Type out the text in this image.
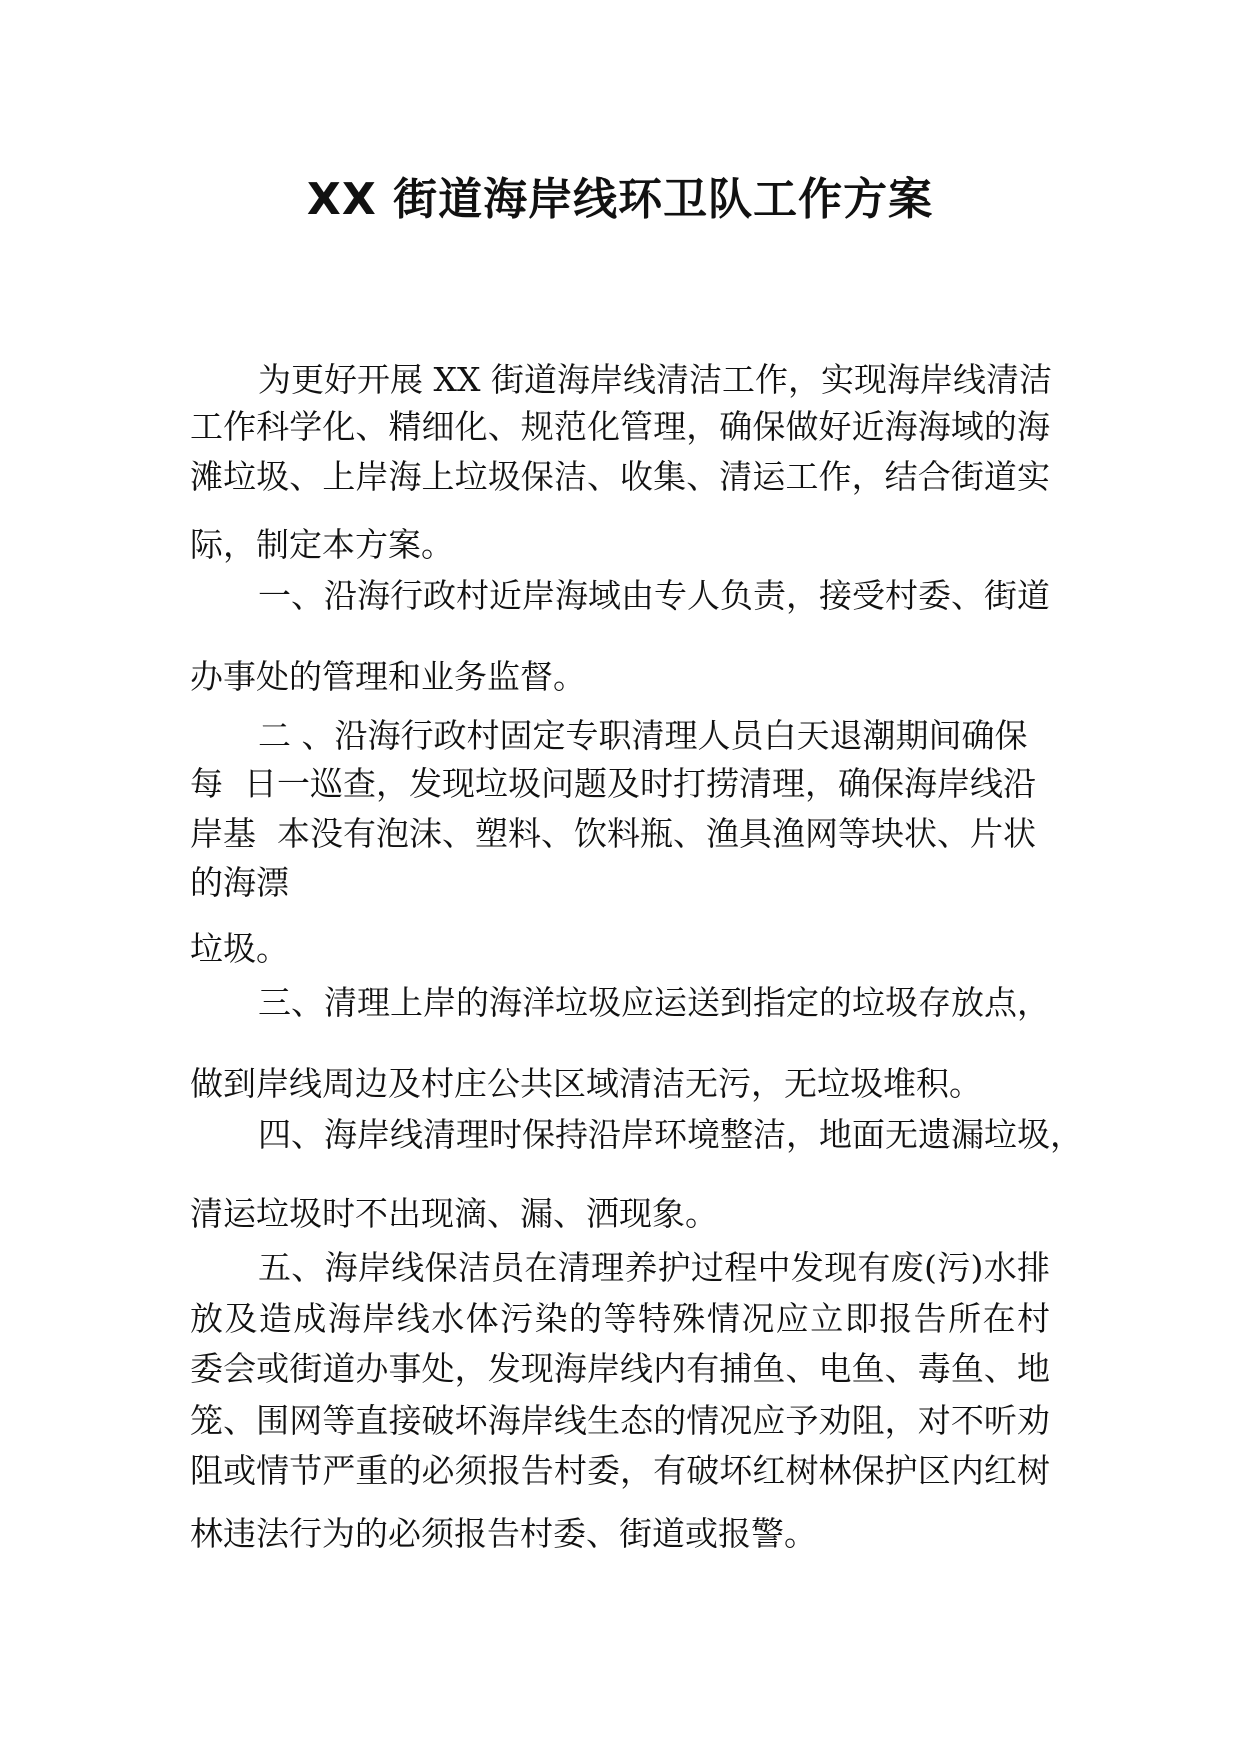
XX 街道海岸线环卫队工作方案
为更好开展 XX 街道海岸线清洁工作，实现海岸线清洁
工作科学化、精细化、规范化管理，确保做好近海海域的海
滩垃圾、上岸海上垃圾保洁、收集、清运工作，结合街道实
际，制定本方案。
一、沿海行政村近岸海域由专人负责，接受村委、街道
办事处的管理和业务监督。
二 、沿海行政村固定专职清理人员白天退潮期间确保
每  日一巡查，发现垃圾问题及时打捞清理，确保海岸线沿
岸基  本没有泡沫、塑料、饮料瓶、渔具渔网等块状、片状
的海漂
垃圾。
三、清理上岸的海洋垃圾应运送到指定的垃圾存放点，
做到岸线周边及村庄公共区域清洁无污，无垃圾堆积。
四、海岸线清理时保持沿岸环境整洁，地面无遗漏垃圾，
清运垃圾时不出现滴、漏、洒现象。
五、海岸线保洁员在清理养护过程中发现有废(污)水排
放及造成海岸线水体污染的等特殊情况应立即报告所在村
委会或街道办事处，发现海岸线内有捕鱼、电鱼、毒鱼、地
笼、围网等直接破坏海岸线生态的情况应予劝阻，对不听劝
阻或情节严重的必须报告村委，有破坏红树林保护区内红树
林违法行为的必须报告村委、街道或报警。
